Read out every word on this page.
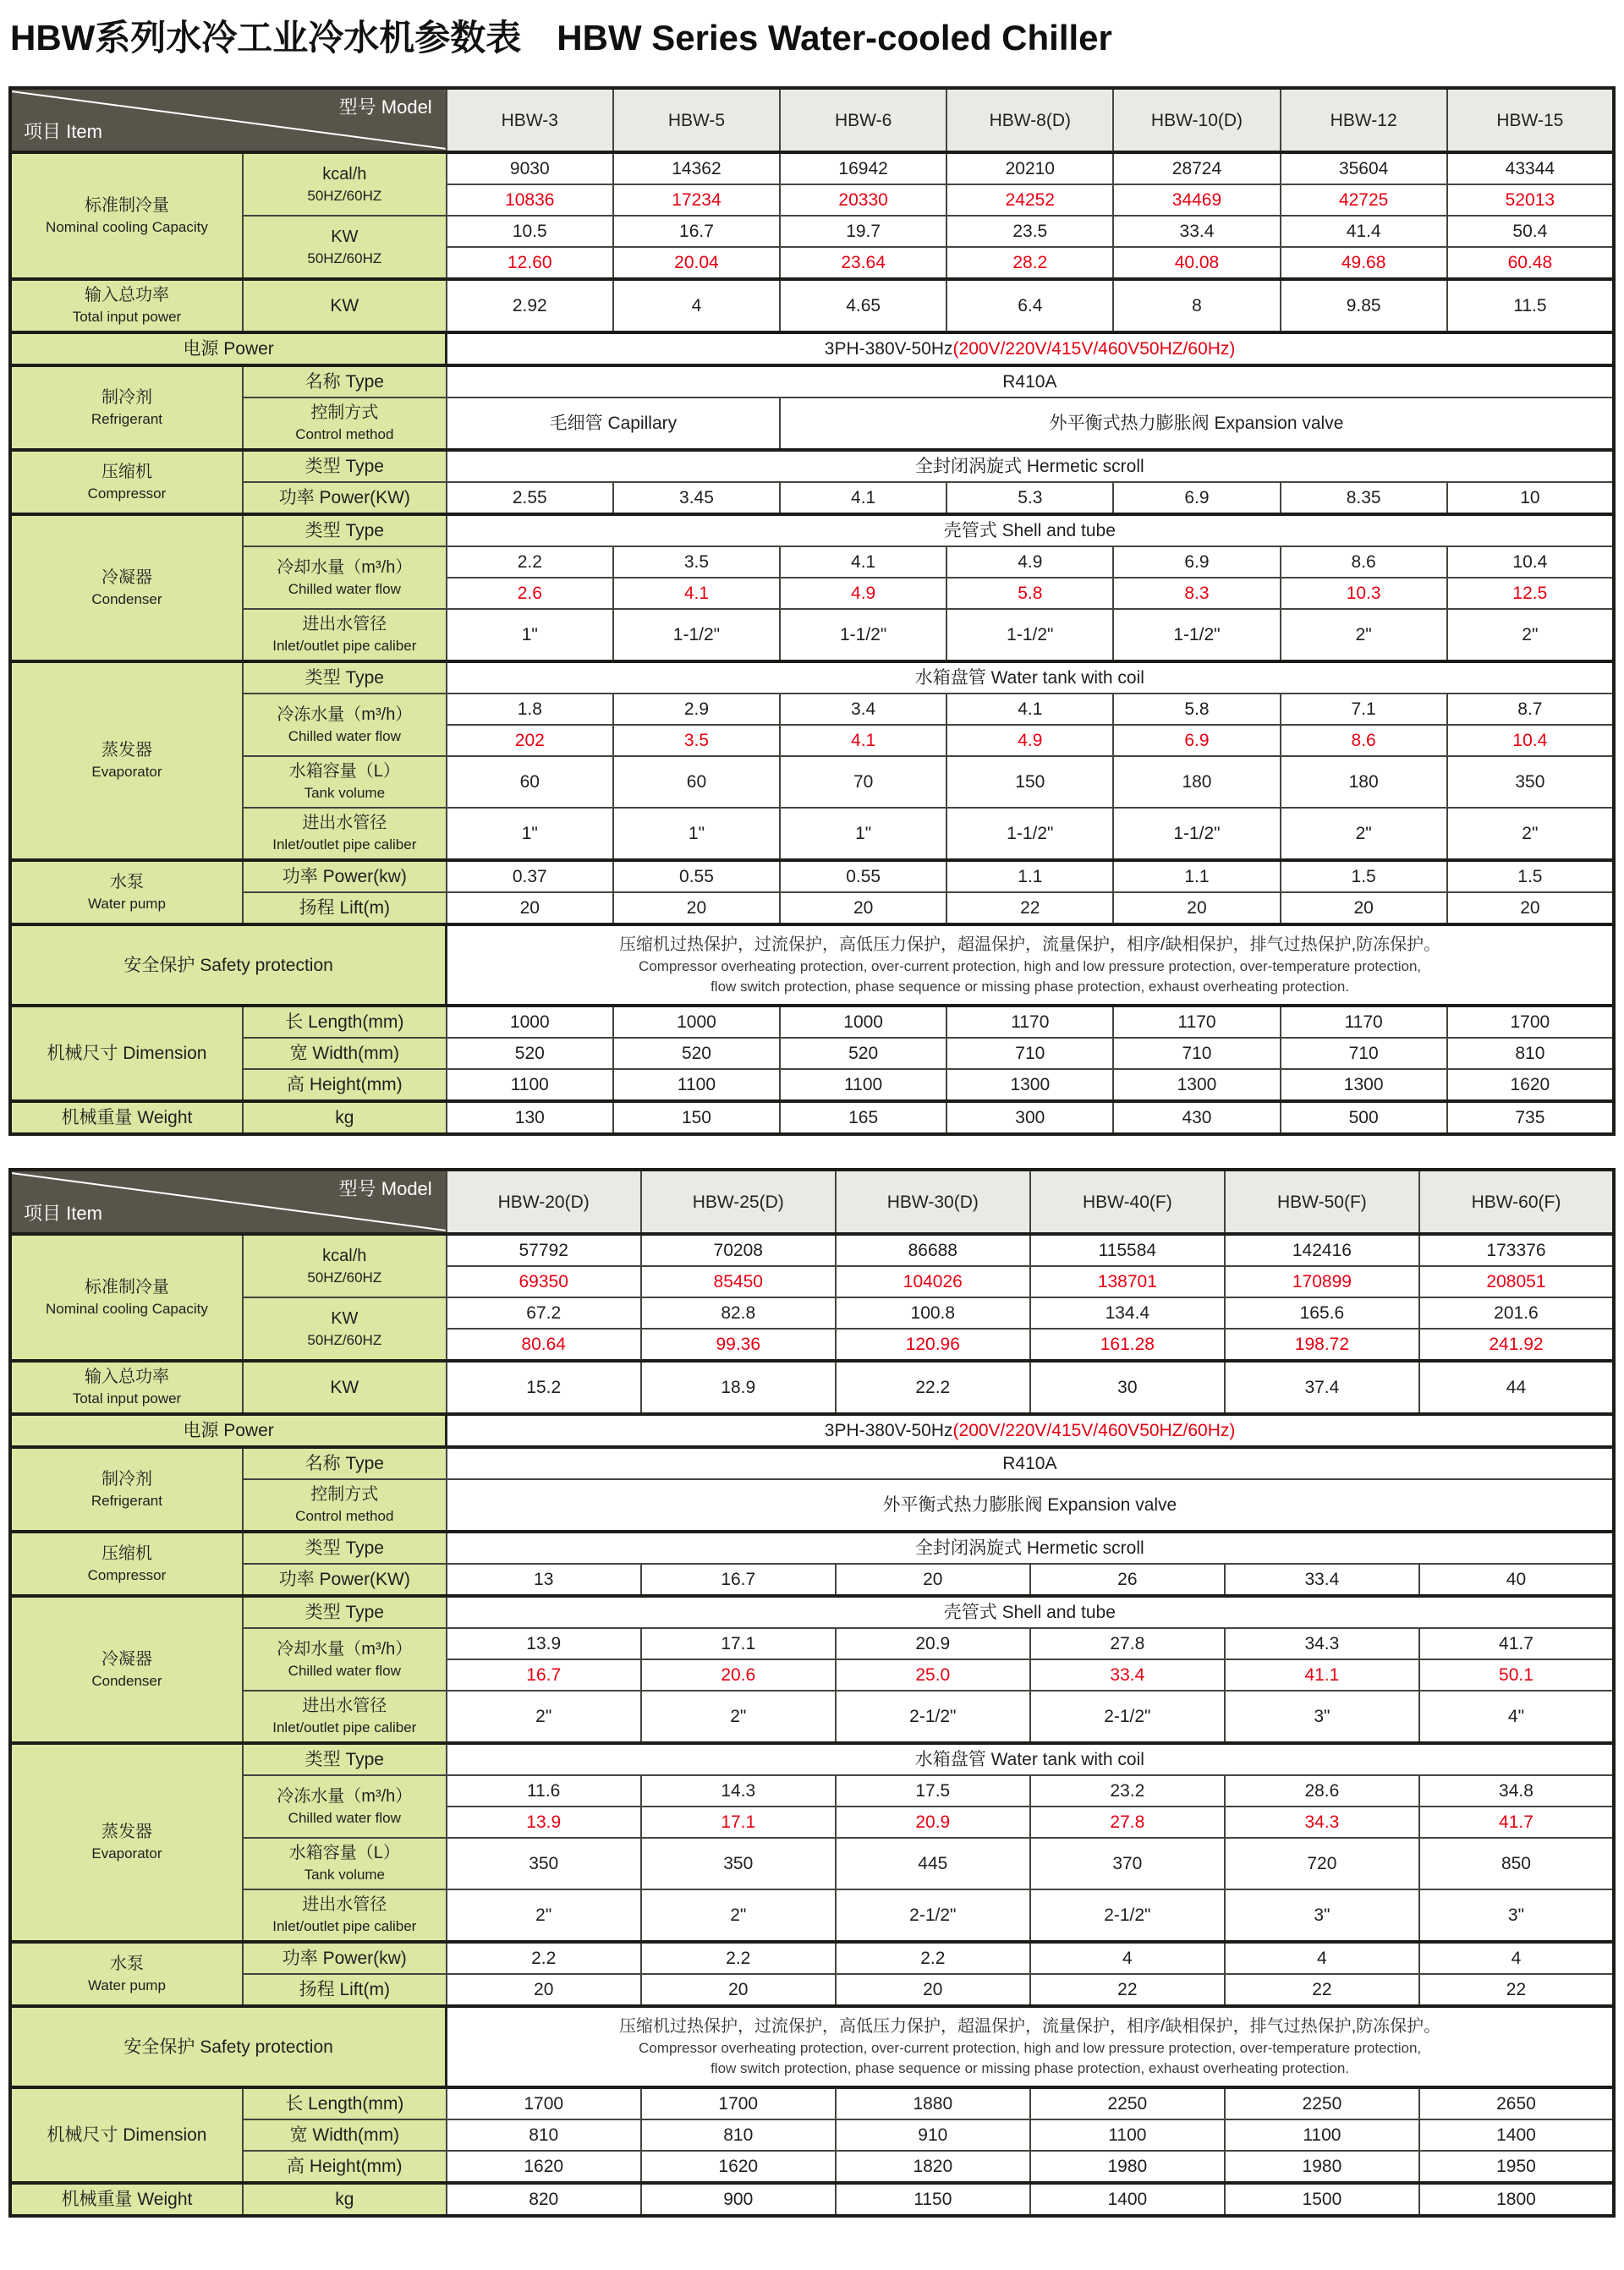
HBW系列水冷工业冷水机参数表　HBW Series Water-cooled Chiller
型号 Model
项目 Item		HBW-3	HBW-5	HBW-6	HBW-8(D)	HBW-10(D)	HBW-12	HBW-15

标准制冷量
Nominal cooling Capacity

kcal/h
50HZ/60HZ
	9030	14362	16942	20210	28724	35604	43344
		10836	17234	20330	24252	34469	42725	52013

	KW
50HZ/60HZ	10.5	16.7	19.7	23.5	33.4	41.4	50.4
		12.60	20.04	23.64	28.2	40.08	49.68	60.48

输入总功率
Total input power	KW	2.92	4	4.65	6.4	8	9.85	11.5
电源 Power		3PH-380V-50Hz(200V/220V/415V/460V50HZ/60Hz)						

制冷剂
Refrigerant	名称 Type	R410A						

	控制方式
Control method	毛细管 Capillary		外平衡式热力膨胀阀 Expansion valve				

压缩机
Compressor	类型 Type	全封闭涡旋式 Hermetic scroll						
	功率 Power(KW)	2.55	3.45	4.1	5.3	6.9	8.35	10

冷凝器
Condenser	类型 Type	壳管式 Shell and tube						

	冷却水量（m³/h）
Chilled water flow	2.2	3.5	4.1	4.9	6.9	8.6	10.4
		2.6	4.1	4.9	5.8	8.3	10.3	12.5

	进出水管径
Inlet/outlet pipe caliber	1"	1-1/2"	1-1/2"	1-1/2"	1-1/2"	2"	2"

蒸发器
Evaporator	类型 Type	水箱盘管 Water tank with coil						

	冷冻水量（m³/h）
Chilled water flow	1.8	2.9	3.4	4.1	5.8	7.1	8.7
		202	3.5	4.1	4.9	6.9	8.6	10.4

	水箱容量（L）
Tank volume	60	60	70	150	180	180	350

	进出水管径
Inlet/outlet pipe caliber	1"	1"	1"	1-1/2"	1-1/2"	2"	2"

水泵
Water pump	功率 Power(kw)	0.37	0.55	0.55	1.1	1.1	1.5	1.5
	扬程 Lift(m)	20	20	20	22	20	20	20
安全保护 Safety protection		压缩机过热保护，过流保护，高低压力保护，超温保护，流量保护，相序/缺相保护，排气过热保护,防冻保护。
Compressor overheating protection, over-current protection, high and low pressure protection, over-temperature protection,
flow switch protection, phase sequence or missing phase protection, exhaust overheating protection.						

机械尺寸 Dimension	长 Length(mm)	1000	1000	1000	1170	1170	1170	1700
	宽 Width(mm)	520	520	520	710	710	710	810
	高 Height(mm)	1100	1100	1100	1300	1300	1300	1620
机械重量 Weight	kg	130	150	165	300	430	500	735
型号 Model
项目 Item		HBW-20(D)	HBW-25(D)	HBW-30(D)	HBW-40(F)	HBW-50(F)	HBW-60(F)

标准制冷量
Nominal cooling Capacity

kcal/h
50HZ/60HZ
	57792	70208	86688	115584	142416	173376
		69350	85450	104026	138701	170899	208051

	KW
50HZ/60HZ	67.2	82.8	100.8	134.4	165.6	201.6
		80.64	99.36	120.96	161.28	198.72	241.92

输入总功率
Total input power	KW	15.2	18.9	22.2	30	37.4	44
电源 Power		3PH-380V-50Hz(200V/220V/415V/460V50HZ/60Hz)					

制冷剂
Refrigerant	名称 Type	R410A					

	控制方式
Control method	外平衡式热力膨胀阀 Expansion valve					

压缩机
Compressor	类型 Type	全封闭涡旋式 Hermetic scroll					
	功率 Power(KW)	13	16.7	20	26	33.4	40

冷凝器
Condenser	类型 Type	壳管式 Shell and tube					

	冷却水量（m³/h）
Chilled water flow	13.9	17.1	20.9	27.8	34.3	41.7
		16.7	20.6	25.0	33.4	41.1	50.1

	进出水管径
Inlet/outlet pipe caliber	2"	2"	2-1/2"	2-1/2"	3"	4"

蒸发器
Evaporator	类型 Type	水箱盘管 Water tank with coil					

	冷冻水量（m³/h）
Chilled water flow	11.6	14.3	17.5	23.2	28.6	34.8
		13.9	17.1	20.9	27.8	34.3	41.7

	水箱容量（L）
Tank volume	350	350	445	370	720	850

	进出水管径
Inlet/outlet pipe caliber	2"	2"	2-1/2"	2-1/2"	3"	3"

水泵
Water pump	功率 Power(kw)	2.2	2.2	2.2	4	4	4
	扬程 Lift(m)	20	20	20	22	22	22
安全保护 Safety protection		压缩机过热保护，过流保护，高低压力保护，超温保护，流量保护，相序/缺相保护，排气过热保护,防冻保护。
Compressor overheating protection, over-current protection, high and low pressure protection, over-temperature protection,
flow switch protection, phase sequence or missing phase protection, exhaust overheating protection.					

机械尺寸 Dimension	长 Length(mm)	1700	1700	1880	2250	2250	2650
	宽 Width(mm)	810	810	910	1100	1100	1400
	高 Height(mm)	1620	1620	1820	1980	1980	1950
机械重量 Weight	kg	820	900	1150	1400	1500	1800
